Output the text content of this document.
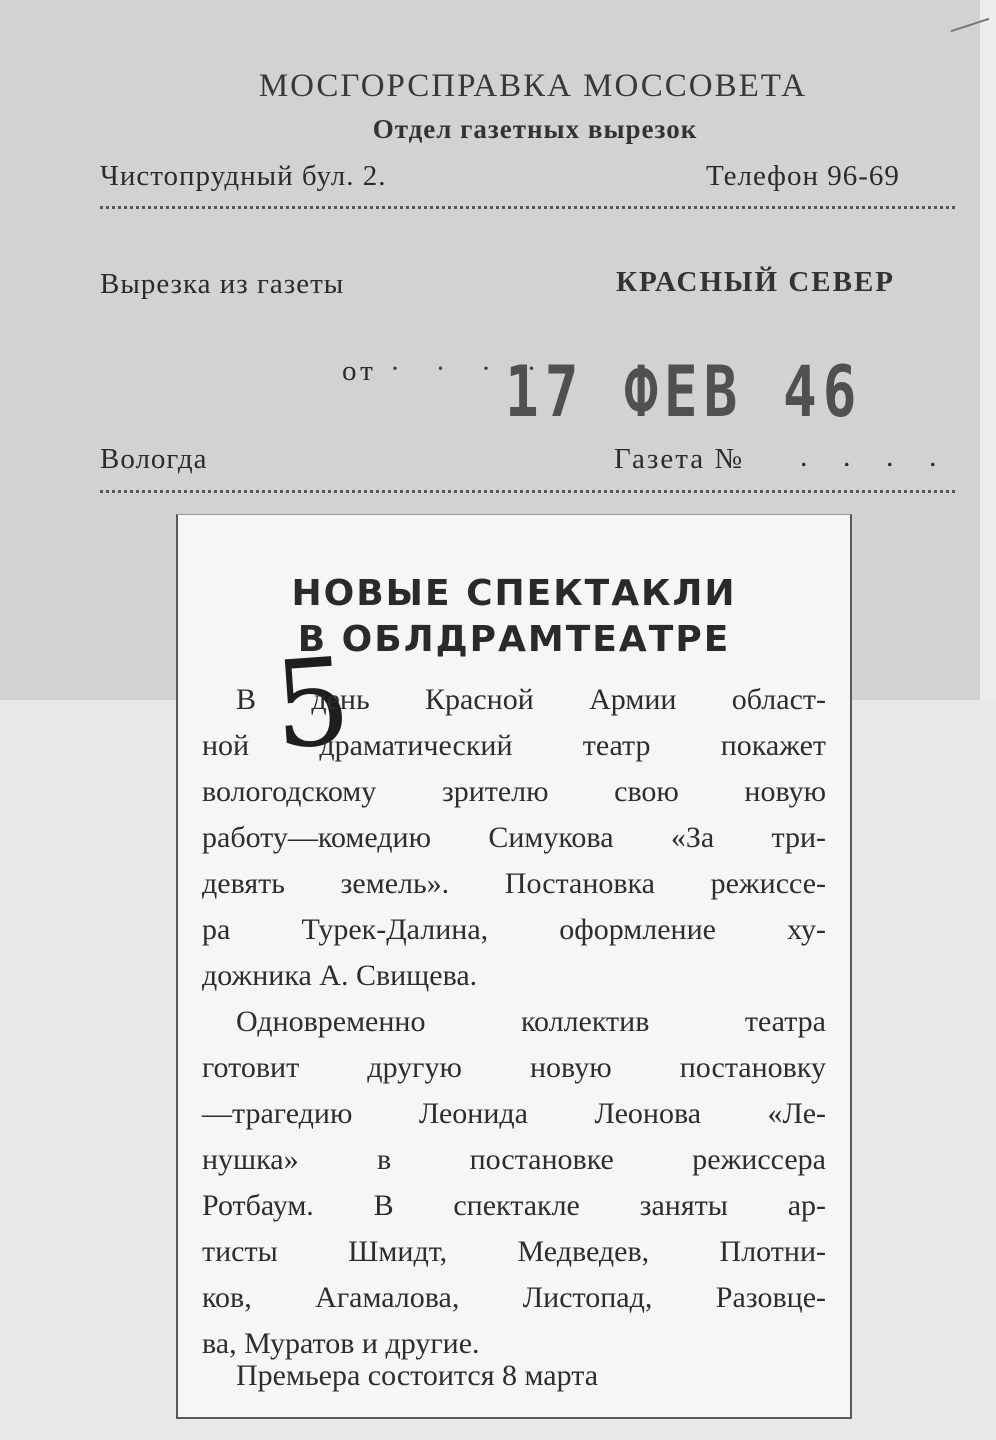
МОСГОРСПРАВКА МОССОВЕТА
Отдел газетных вырезок
Чистопрудный бул. 2.	Телефон 96-69
Вырезка из газеты	КРАСНЫЙ СЕВЕР
от · · · ·
17 ФЕВ 46
Вологда	Газета № . . . .
НОВЫЕ СПЕКТАКЛИ
В ОБЛДРАМТЕАТРЕ
5
В день Красной Армии област-
ной драматический театр покажет
вологодскому зрителю свою новую
работу—комедию Симукова «За три-
девять земель». Постановка режиссе-
ра Турек-Далина, оформление ху-
дожника А. Свищева.
Одновременно коллектив театра
готовит другую новую постановку
—трагедию Леонида Леонова «Ле-
нушка» в постановке режиссера
Ротбаум. В спектакле заняты ар-
тисты Шмидт, Медведев, Плотни-
ков, Агамалова, Листопад, Разовце-
ва, Муратов и другие.
Премьера состоится 8 марта
